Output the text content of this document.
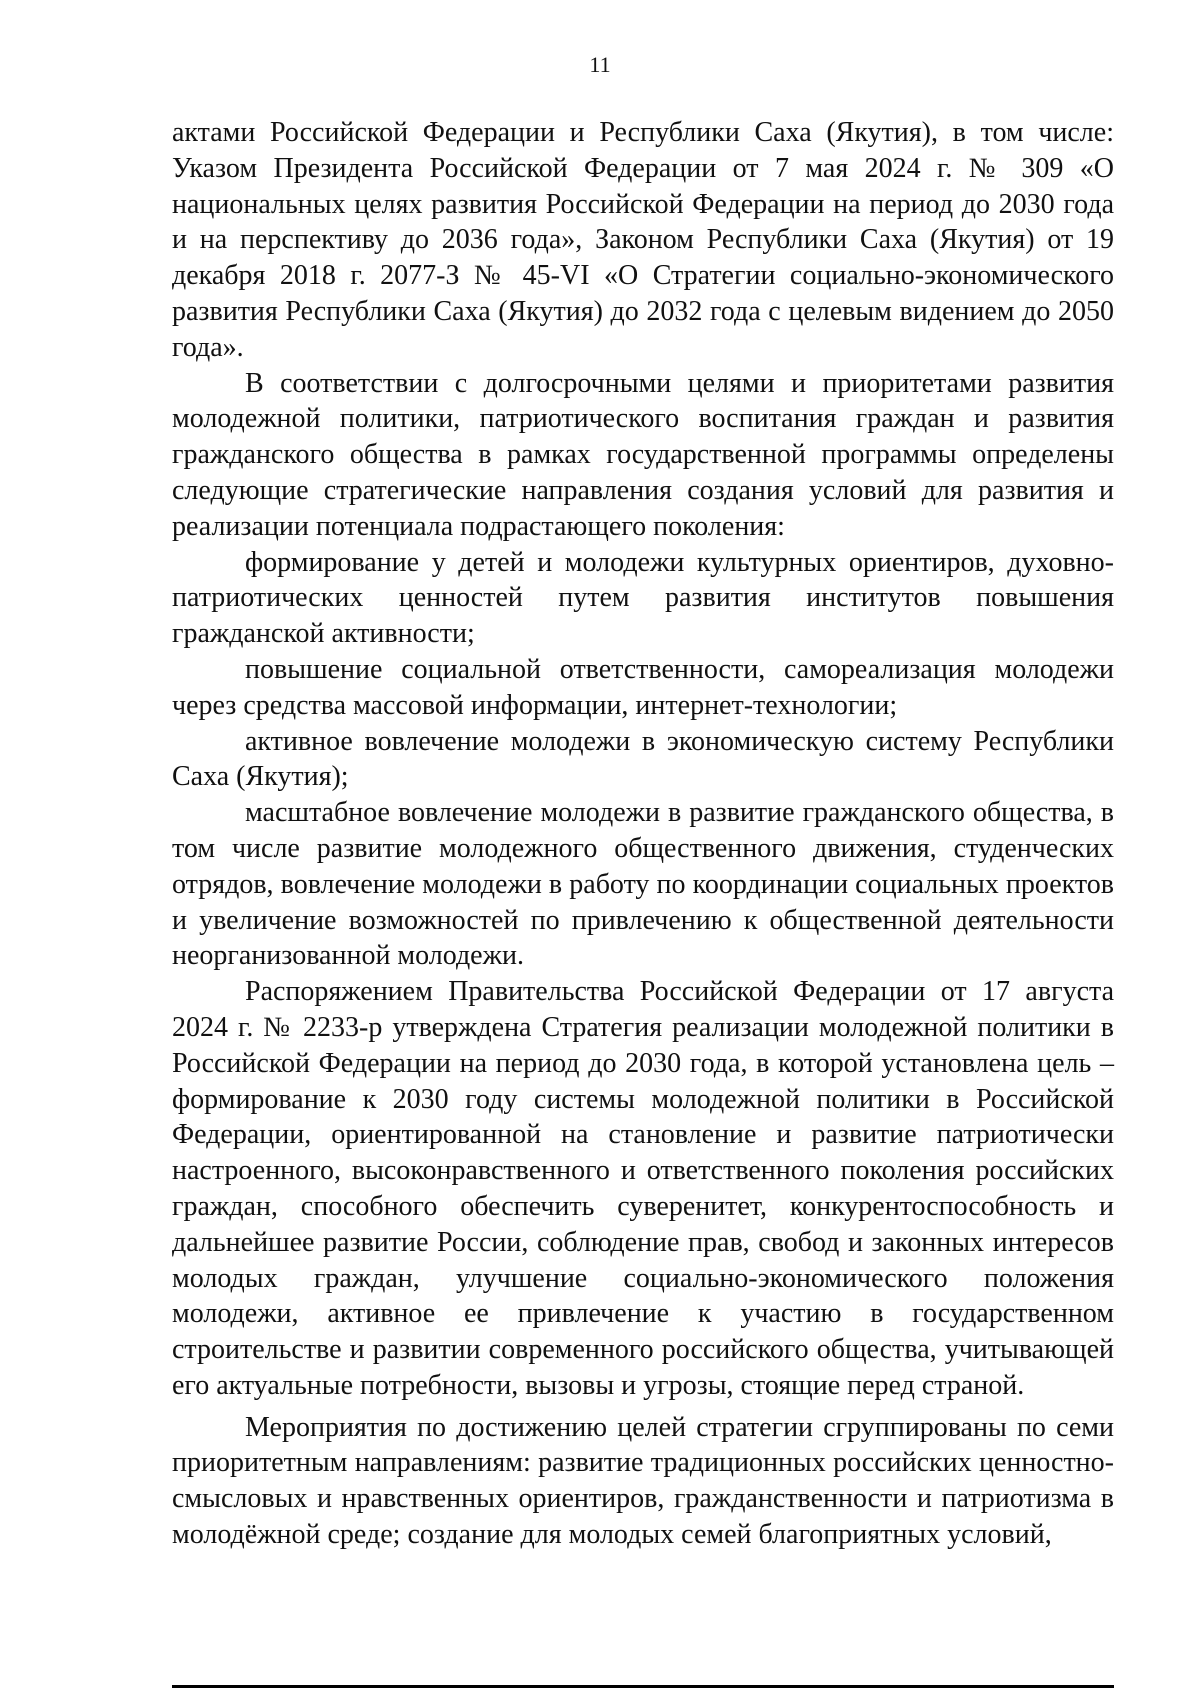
11

актами Российской Федерации и Республики Саха (Якутия), в том числе: Указом Президента Российской Федерации от 7 мая 2024 г. № 309 «О национальных целях развития Российской Федерации на период до 2030 года и на перспективу до 2036 года», Законом Республики Саха (Якутия) от 19 декабря 2018 г. 2077-З № 45-VI «О Стратегии социально-экономического развития Республики Саха (Якутия) до 2032 года с целевым видением до 2050 года».

В соответствии с долгосрочными целями и приоритетами развития молодежной политики, патриотического воспитания граждан и развития гражданского общества в рамках государственной программы определены следующие стратегические направления создания условий для развития и реализации потенциала подрастающего поколения:

формирование у детей и молодежи культурных ориентиров, духовно-патриотических ценностей путем развития институтов повышения гражданской активности;

повышение социальной ответственности, самореализация молодежи через средства массовой информации, интернет-технологии;

активное вовлечение молодежи в экономическую систему Республики Саха (Якутия);

масштабное вовлечение молодежи в развитие гражданского общества, в том числе развитие молодежного общественного движения, студенческих отрядов, вовлечение молодежи в работу по координации социальных проектов и увеличение возможностей по привлечению к общественной деятельности неорганизованной молодежи.

Распоряжением Правительства Российской Федерации от 17 августа 2024 г. № 2233-р утверждена Стратегия реализации молодежной политики в Российской Федерации на период до 2030 года, в которой установлена цель – формирование к 2030 году системы молодежной политики в Российской Федерации, ориентированной на становление и развитие патриотически настроенного, высоконравственного и ответственного поколения российских граждан, способного обеспечить суверенитет, конкурентоспособность и дальнейшее развитие России, соблюдение прав, свобод и законных интересов молодых граждан, улучшение социально-экономического положения молодежи, активное ее привлечение к участию в государственном строительстве и развитии современного российского общества, учитывающей его актуальные потребности, вызовы и угрозы, стоящие перед страной.

Мероприятия по достижению целей стратегии сгруппированы по семи приоритетным направлениям: развитие традиционных российских ценностно-смысловых и нравственных ориентиров, гражданственности и патриотизма в молодёжной среде; создание для молодых семей благоприятных условий,
